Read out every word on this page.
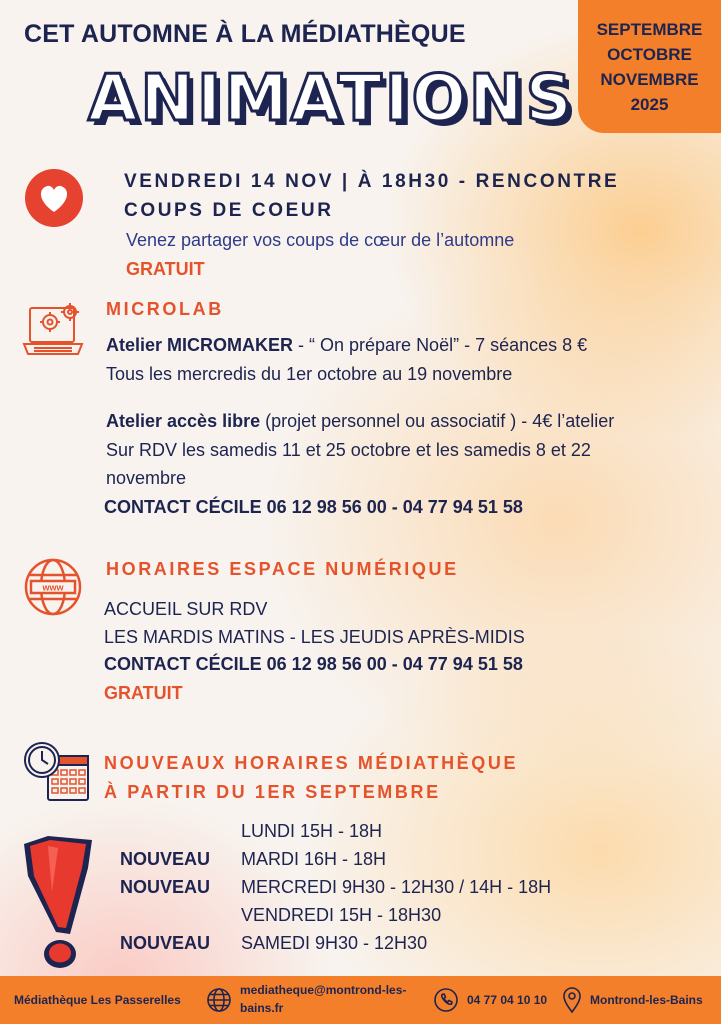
CET AUTOMNE À LA MÉDIATHÈQUE
ANIMATIONS
SEPTEMBRE
OCTOBRE
NOVEMBRE
2025
VENDREDI 14 NOV | À 18H30 - RENCONTRE
COUPS DE COEUR
Venez partager vos coups de cœur de l’automne
GRATUIT
MICROLAB
Atelier MICROMAKER - “ On prépare Noël” - 7 séances 8 €
Tous les mercredis du 1er octobre au 19 novembre
Atelier accès libre (projet personnel ou associatif ) - 4€ l’atelier
Sur RDV les samedis 11 et 25 octobre et les samedis 8 et 22
novembre
CONTACT CÉCILE 06 12 98 56 00 - 04 77 94 51 58
www
HORAIRES ESPACE NUMÉRIQUE
ACCUEIL SUR RDV
LES MARDIS MATINS - LES JEUDIS APRÈS-MIDIS
CONTACT CÉCILE 06 12 98 56 00 - 04 77 94 51 58
GRATUIT
NOUVEAUX HORAIRES MÉDIATHÈQUE
À PARTIR DU 1ER SEPTEMBRE
LUNDI 15H - 18H
NOUVEAU MARDI 16H - 18H
NOUVEAU MERCREDI 9H30 - 12H30 / 14H - 18H
VENDREDI 15H - 18H30
NOUVEAU SAMEDI 9H30 - 12H30
Médiathèque Les Passerelles
mediatheque@montrond-les-
bains.fr
04 77 04 10 10	Montrond-les-Bains
